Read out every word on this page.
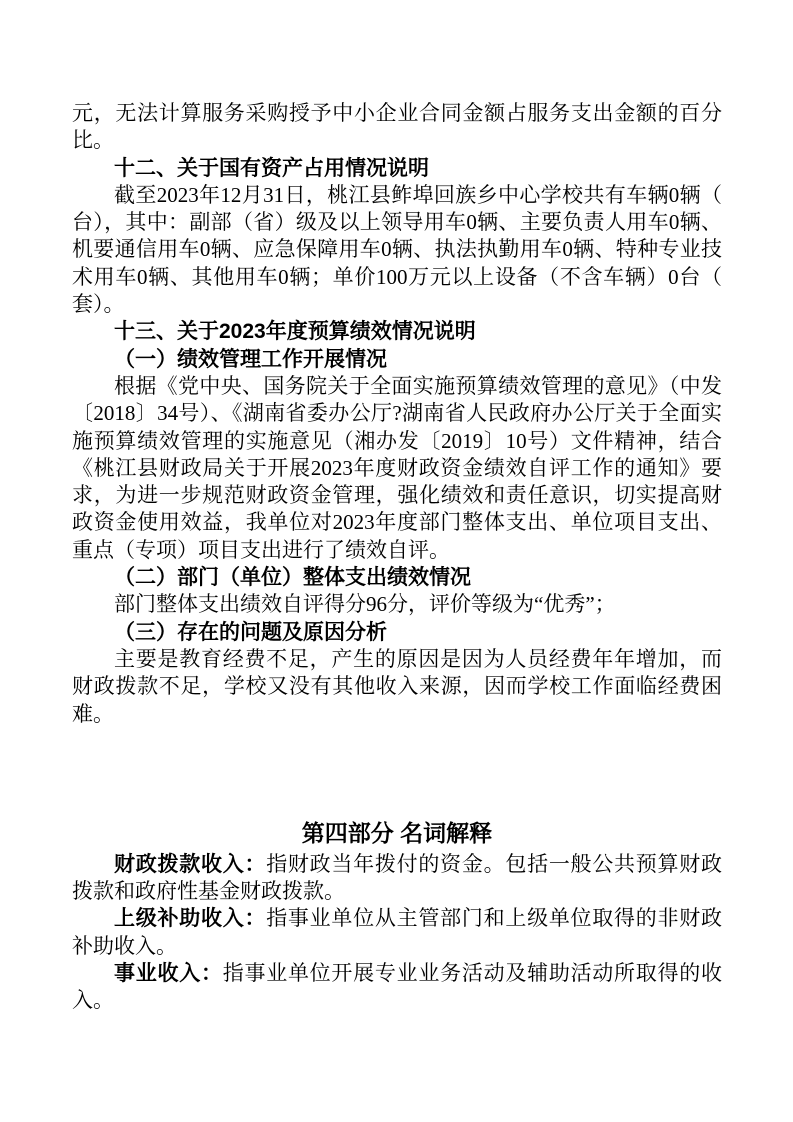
元，无法计算服务采购授予中小企业合同金额占服务支出金额的百分比。

十二、关于国有资产占用情况说明

截至2023年12月31日，桃江县鲊埠回族乡中心学校共有车辆0辆（台），其中：副部（省）级及以上领导用车0辆、主要负责人用车0辆、机要通信用车0辆、应急保障用车0辆、执法执勤用车0辆、特种专业技术用车0辆、其他用车0辆；单价100万元以上设备（不含车辆）0台（套）。

十三、关于2023年度预算绩效情况说明
（一）绩效管理工作开展情况

根据《党中央、国务院关于全面实施预算绩效管理的意见》（中发〔2018〕34号）、《湖南省委办公厅?湖南省人民政府办公厅关于全面实施预算绩效管理的实施意见（湘办发〔2019〕10号）文件精神，结合《桃江县财政局关于开展2023年度财政资金绩效自评工作的通知》要求，为进一步规范财政资金管理，强化绩效和责任意识，切实提高财政资金使用效益，我单位对2023年度部门整体支出、单位项目支出、重点（专项）项目支出进行了绩效自评。

（二）部门（单位）整体支出绩效情况

部门整体支出绩效自评得分96分，评价等级为“优秀”；

（三）存在的问题及原因分析

主要是教育经费不足，产生的原因是因为人员经费年年增加，而财政拨款不足，学校又没有其他收入来源，因而学校工作面临经费困难。

第四部分 名词解释

财政拨款收入：指财政当年拨付的资金。包括一般公共预算财政拨款和政府性基金财政拨款。

上级补助收入：指事业单位从主管部门和上级单位取得的非财政补助收入。

事业收入：指事业单位开展专业业务活动及辅助活动所取得的收入。
